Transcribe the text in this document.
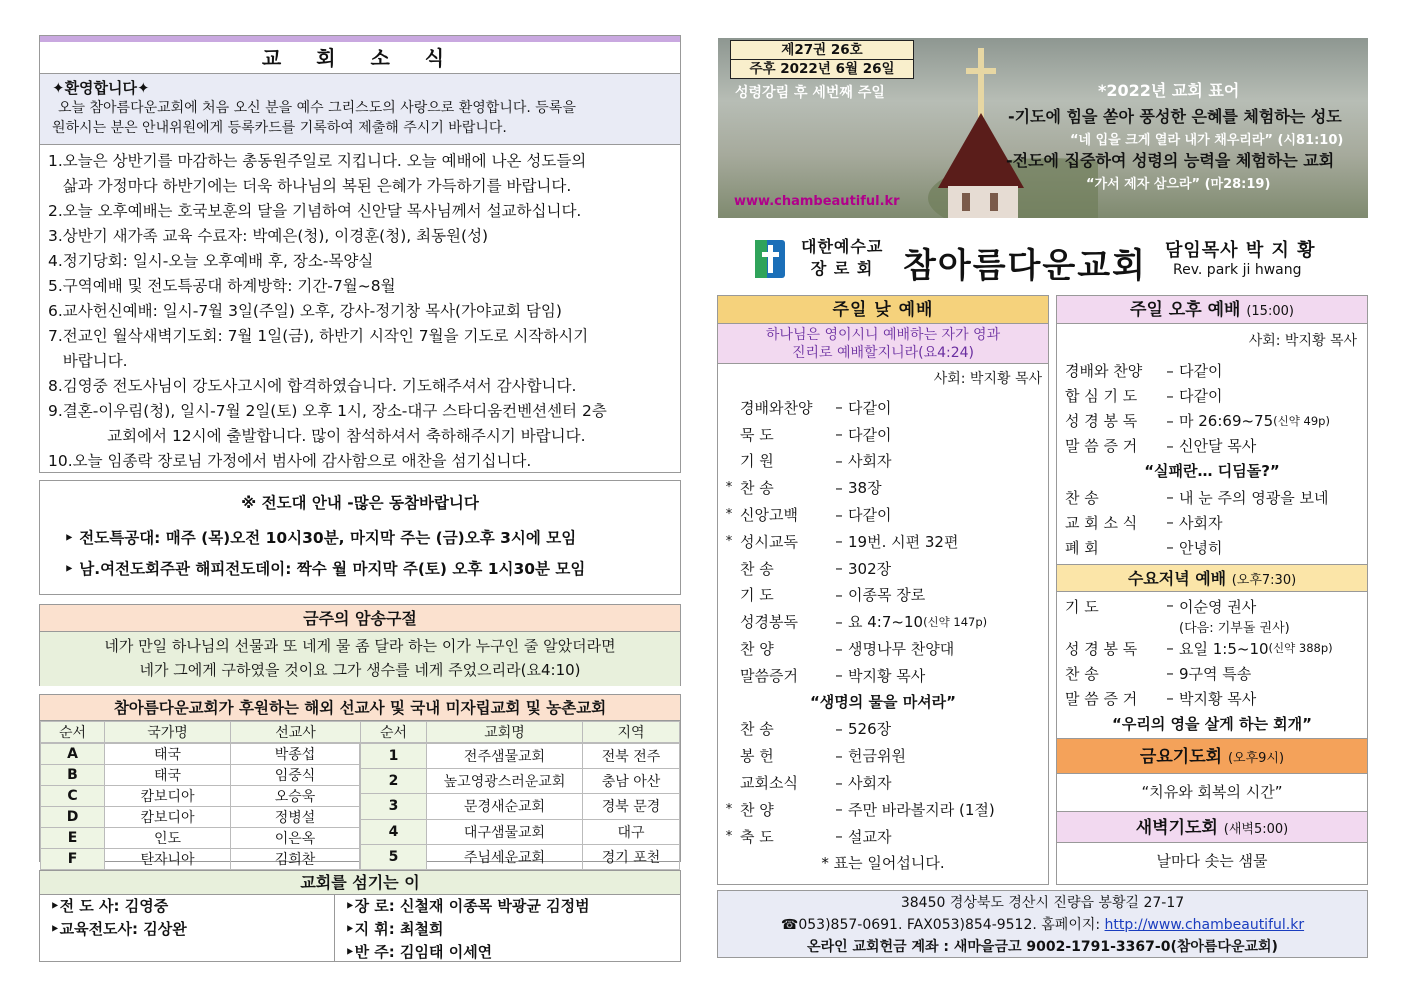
교 회 소 식
✦환영합니다✦
오늘 참아름다운교회에 처음 오신 분을 예수 그리스도의 사랑으로 환영합니다. 등록을
원하시는 분은 안내위원에게 등록카드를 기록하여 제출해 주시기 바랍니다.
1.오늘은 상반기를 마감하는 총동원주일로 지킵니다. 오늘 예배에 나온 성도들의
삶과 가정마다 하반기에는 더욱 하나님의 복된 은혜가 가득하기를 바랍니다.
2.오늘 오후예배는 호국보훈의 달을 기념하여 신안달 목사님께서 설교하십니다.
3.상반기 새가족 교육 수료자: 박예은(청), 이경훈(청), 최동원(성)
4.정기당회: 일시-오늘 오후예배 후, 장소-목양실
5.구역예배 및 전도특공대 하계방학: 기간-7월~8월
6.교사헌신예배: 일시-7월 3일(주일) 오후, 강사-정기창 목사(가야교회 담임)
7.전교인 월삭새벽기도회: 7월 1일(금), 하반기 시작인 7월을 기도로 시작하시기
바랍니다.
8.김영중 전도사님이 강도사고시에 합격하였습니다. 기도해주셔서 감사합니다.
9.결혼-이우림(청), 일시-7월 2일(토) 오후 1시, 장소-대구 스타디움컨벤션센터 2층
교회에서 12시에 출발합니다. 많이 참석하셔서 축하해주시기 바랍니다.
10.오늘 임종락 장로님 가정에서 범사에 감사함으로 애찬을 섬기십니다.
※ 전도대 안내 -많은 동참바랍니다
‣ 전도특공대: 매주 (목)오전 10시30분, 마지막 주는 (금)오후 3시에 모임
‣ 남.여전도회주관 해피전도데이: 짝수 월 마지막 주(토) 오후 1시30분 모임
금주의 암송구절
네가 만일 하나님의 선물과 또 네게 물 좀 달라 하는 이가 누구인 줄 알았더라면
네가 그에게 구하였을 것이요 그가 생수를 네게 주었으리라(요4:10)
참아름다운교회가 후원하는 해외 선교사 및 국내 미자립교회 및 농촌교회
순서	국가명	선교사	순서	교회명	지역
A	태국	박종섭
B	태국	임중식
C	캄보디아	오승욱
D	캄보디아	정병설
E	인도	이은옥
F	탄자니아	김희찬
1	전주샘물교회	전북 전주
2	높고영광스러운교회	충남 아산
3	문경새순교회	경북 문경
4	대구샘물교회	대구
5	주님세운교회	경기 포천
교회를 섬기는 이
‣전 도 사: 김영중
‣교육전도사: 김상완
‣장 로: 신철재 이종목 박광균 김정범
‣지 휘: 최철희
‣반 주: 김임태 이세연
제27권 26호
주후 2022년 6월 26일
성령강림 후 세번째 주일	*2022년 교회 표어
-기도에 힘을 쏟아 풍성한 은혜를 체험하는 성도
“네 입을 크게 열라 내가 채우리라” (시81:10)
-전도에 집중하여 성령의 능력을 체험하는 교회
“가서 제자 삼으라” (마28:19)
www.chambeautiful.kr
대한예수교
장 로 회 참아름다운교회 담임목사 박 지 황
Rev. park ji hwang
주일 낮 예배
하나님은 영이시니 예배하는 자가 영과
진리로 예배할지니라(요4:24)
사회: 박지황 목사
경배와찬양	– 다같이
묵 도	– 다같이
기 원	– 사회자
* 찬 송	– 38장
* 신앙고백	– 다같이
* 성시교독	– 19번. 시편 32편
찬 송	– 302장
기 도	– 이종목 장로
성경봉독	– 요 4:7~10 (신약 147p)
찬 양	– 생명나무 찬양대
말씀증거	– 박지황 목사
“생명의 물을 마셔라”
찬 송	– 526장
봉 헌	– 헌금위원
교회소식	– 사회자
* 찬 양	– 주만 바라볼지라 (1절)
* 축 도	– 설교자
* 표는 일어섭니다.
주일 오후 예배 (15:00)
사회: 박지황 목사
경배와 찬양	– 다같이
합 심 기 도	– 다같이
성 경 봉 독	– 마 26:69~75 (신약 49p)
말 씀 증 거	– 신안달 목사
“실패란… 디딤돌?”
찬 송	– 내 눈 주의 영광을 보네
교 회 소 식	– 사회자
폐 회	– 안녕히
수요저녁 예배 (오후7:30)
기 도	– 이순영 권사

(다음: 기부돌 권사)
성 경 봉 독	– 요일 1:5~10 (신약 388p)
찬 송	– 9구역 특송
말 씀 증 거	– 박지황 목사
“우리의 영을 살게 하는 회개”
금요기도회 (오후9시)
“치유와 회복의 시간”
새벽기도회 (새벽5:00)
날마다 솟는 샘물
38450 경상북도 경산시 진량읍 봉황길 27-17
☎053)857-0691. FAX053)854-9512. 홈페이지: http://www.chambeautiful.kr
온라인 교회헌금 계좌 : 새마을금고 9002-1791-3367-0(참아름다운교회)
